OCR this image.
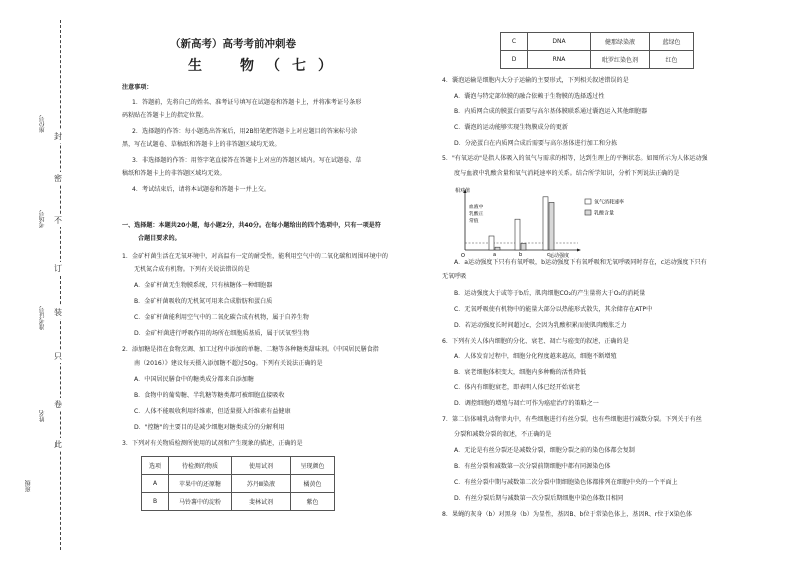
封
密
不
订
装
只
卷
此
座位号
考场号
准考证号
姓名
班级
（新高考）高考考前冲刺卷
生　物（七）
注意事项：
1．答题前，先将自己的姓名、准考证号填写在试题卷和答题卡上，并将准考证号条形
码粘贴在答题卡上的指定位置。
2．选择题的作答：每小题选出答案后，用2B铅笔把答题卡上对应题目的答案标号涂
黑，写在试题卷、草稿纸和答题卡上的非答题区域均无效。
3．非选择题的作答：用签字笔直接答在答题卡上对应的答题区域内。写在试题卷、草
稿纸和答题卡上的非答题区域均无效。
4．考试结束后，请将本试题卷和答题卡一并上交。
一、选择题：本题共20小题，每小题2分，共40分。在每小题给出的四个选项中，只有一项是符
合题目要求的。
1．金矿杆菌生活在无氧环境中，对高温有一定的耐受性，能利用空气中的二氧化碳和周围环境中的
无机氮合成有机物。下列有关说法错误的是
A．金矿杆菌无生物膜系统，只有核糖体一种细胞器
B．金矿杆菌吸收的无机氮可用来合成脂肪和蛋白质
C．金矿杆菌能利用空气中的二氧化碳合成有机物，属于自养生物
D．金矿杆菌进行呼吸作用的场所在细胞质基质，属于厌氧型生物
2．添加糖是指在食物烹调、加工过程中添加的单糖、二糖等各种糖类甜味剂。《中国居民膳食指
南（2016）》建议每天摄入添加糖不超过50g。下列有关说法正确的是
A．中国居民膳食中的糖类成分都来自添加糖
B．食物中的葡萄糖、半乳糖等糖类都可被细胞直接吸收
C．人体不能吸收利用纤维素，但适量摄入纤维素有益健康
D．"控糖"的主要目的是减少细胞对糖类成分的分解利用
3．下列对有关物质检测所使用的试剂和产生现象的描述，正确的是
选项	待检测的物质	使用试剂	呈现颜色
A	苹果中的还原糖	苏丹Ⅲ染液	橘黄色
B	马铃薯中的淀粉	斐林试剂	紫色
C	DNA	健那绿染液	蓝绿色
D	RNA	吡罗红染色剂	红色
4．囊泡运输是细胞内大分子运输的主要形式，下列相关叙述错误的是
A．囊泡与特定部位膜的融合依赖于生物膜的选择透过性
B．内质网合成的膜蛋白需要与高尔基体膜联系通过囊泡运入其他细胞器
C．囊泡的运动能够实现生物膜成分的更新
D．分泌蛋白在内质网合成后需要与高尔基体进行加工和分拣
5．"有氧运动"是指人体吸入的氧气与需求的相等，达到生理上的平衡状态。如图所示为人体运动强
度与血液中乳酸含量和氧气消耗速率的关系。结合所学知识，分析下列说法正确的是
A．a运动强度下只有有氧呼吸，b运动强度下有氧呼吸和无氧呼吸同时存在，c运动强度下只有
无氧呼吸
B．运动强度大于或等于b后，肌肉细胞CO₂的产生量将大于O₂的消耗量
C．无氧呼吸使有机物中的能量大部分以热能形式散失，其余储存在ATP中
D．若运动强度长时间超过c，会因为乳酸积累而使肌肉酸胀乏力
6．下列有关人体内细胞的分化、衰老、凋亡与癌变的叙述，正确的是
A．人体发育过程中，细胞分化程度越来越高，细胞不断增殖
B．衰老细胞体积变大，细胞内多种酶的活性降低
C．体内有细胞衰老，即表明人体已经开始衰老
D．调控细胞的增殖与凋亡可作为癌症治疗的策略之一
7．第二倍体哺乳动物睾丸中，有些细胞进行有丝分裂，也有些细胞进行减数分裂。下列关于有丝
分裂和减数分裂的叙述，不正确的是
A．无论是有丝分裂还是减数分裂，细胞分裂之前的染色体都会复制
B．有丝分裂和减数第一次分裂前期细胞中都有同源染色体
C．有丝分裂中期与减数第二次分裂中期细胞染色体都排列在细胞中央的一个平面上
D．有丝分裂后期与减数第一次分裂后期细胞中染色体数目相同
8．果蝇的灰身（b）对黑身（b）为显性，基因B、b位于常染色体上，基因R、r位于X染色体
相对值
运动强度
O
血液中
乳酸正
常值
a	b	c
氧气消耗速率
乳酸含量
